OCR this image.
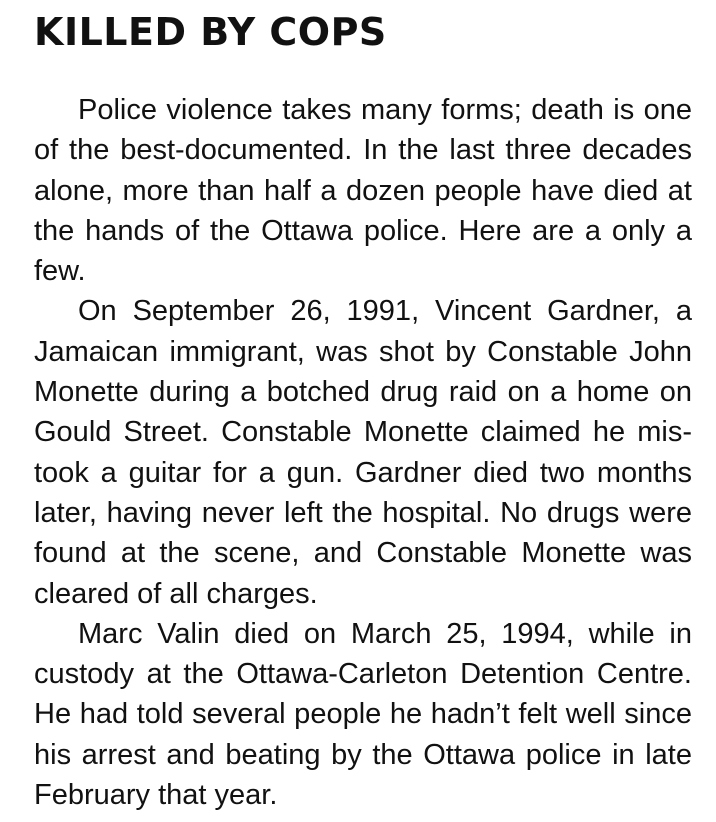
KILLED BY COPS

Police violence takes many forms; death is one of the best-documented. In the last three decades alone, more than half a dozen people have died at the hands of the Ottawa police. Here are a only a few.

On September 26, 1991, Vincent Gardner, a Jamaican immigrant, was shot by Constable John Monette during a botched drug raid on a home on Gould Street. Constable Monette claimed he mistook a guitar for a gun. Gardner died two months later, having never left the hospital. No drugs were found at the scene, and Constable Monette was cleared of all charges.

Marc Valin died on March 25, 1994, while in custody at the Ottawa-Carleton Detention Centre. He had told several people he hadn’t felt well since his arrest and beating by the Ottawa police in late February that year.
